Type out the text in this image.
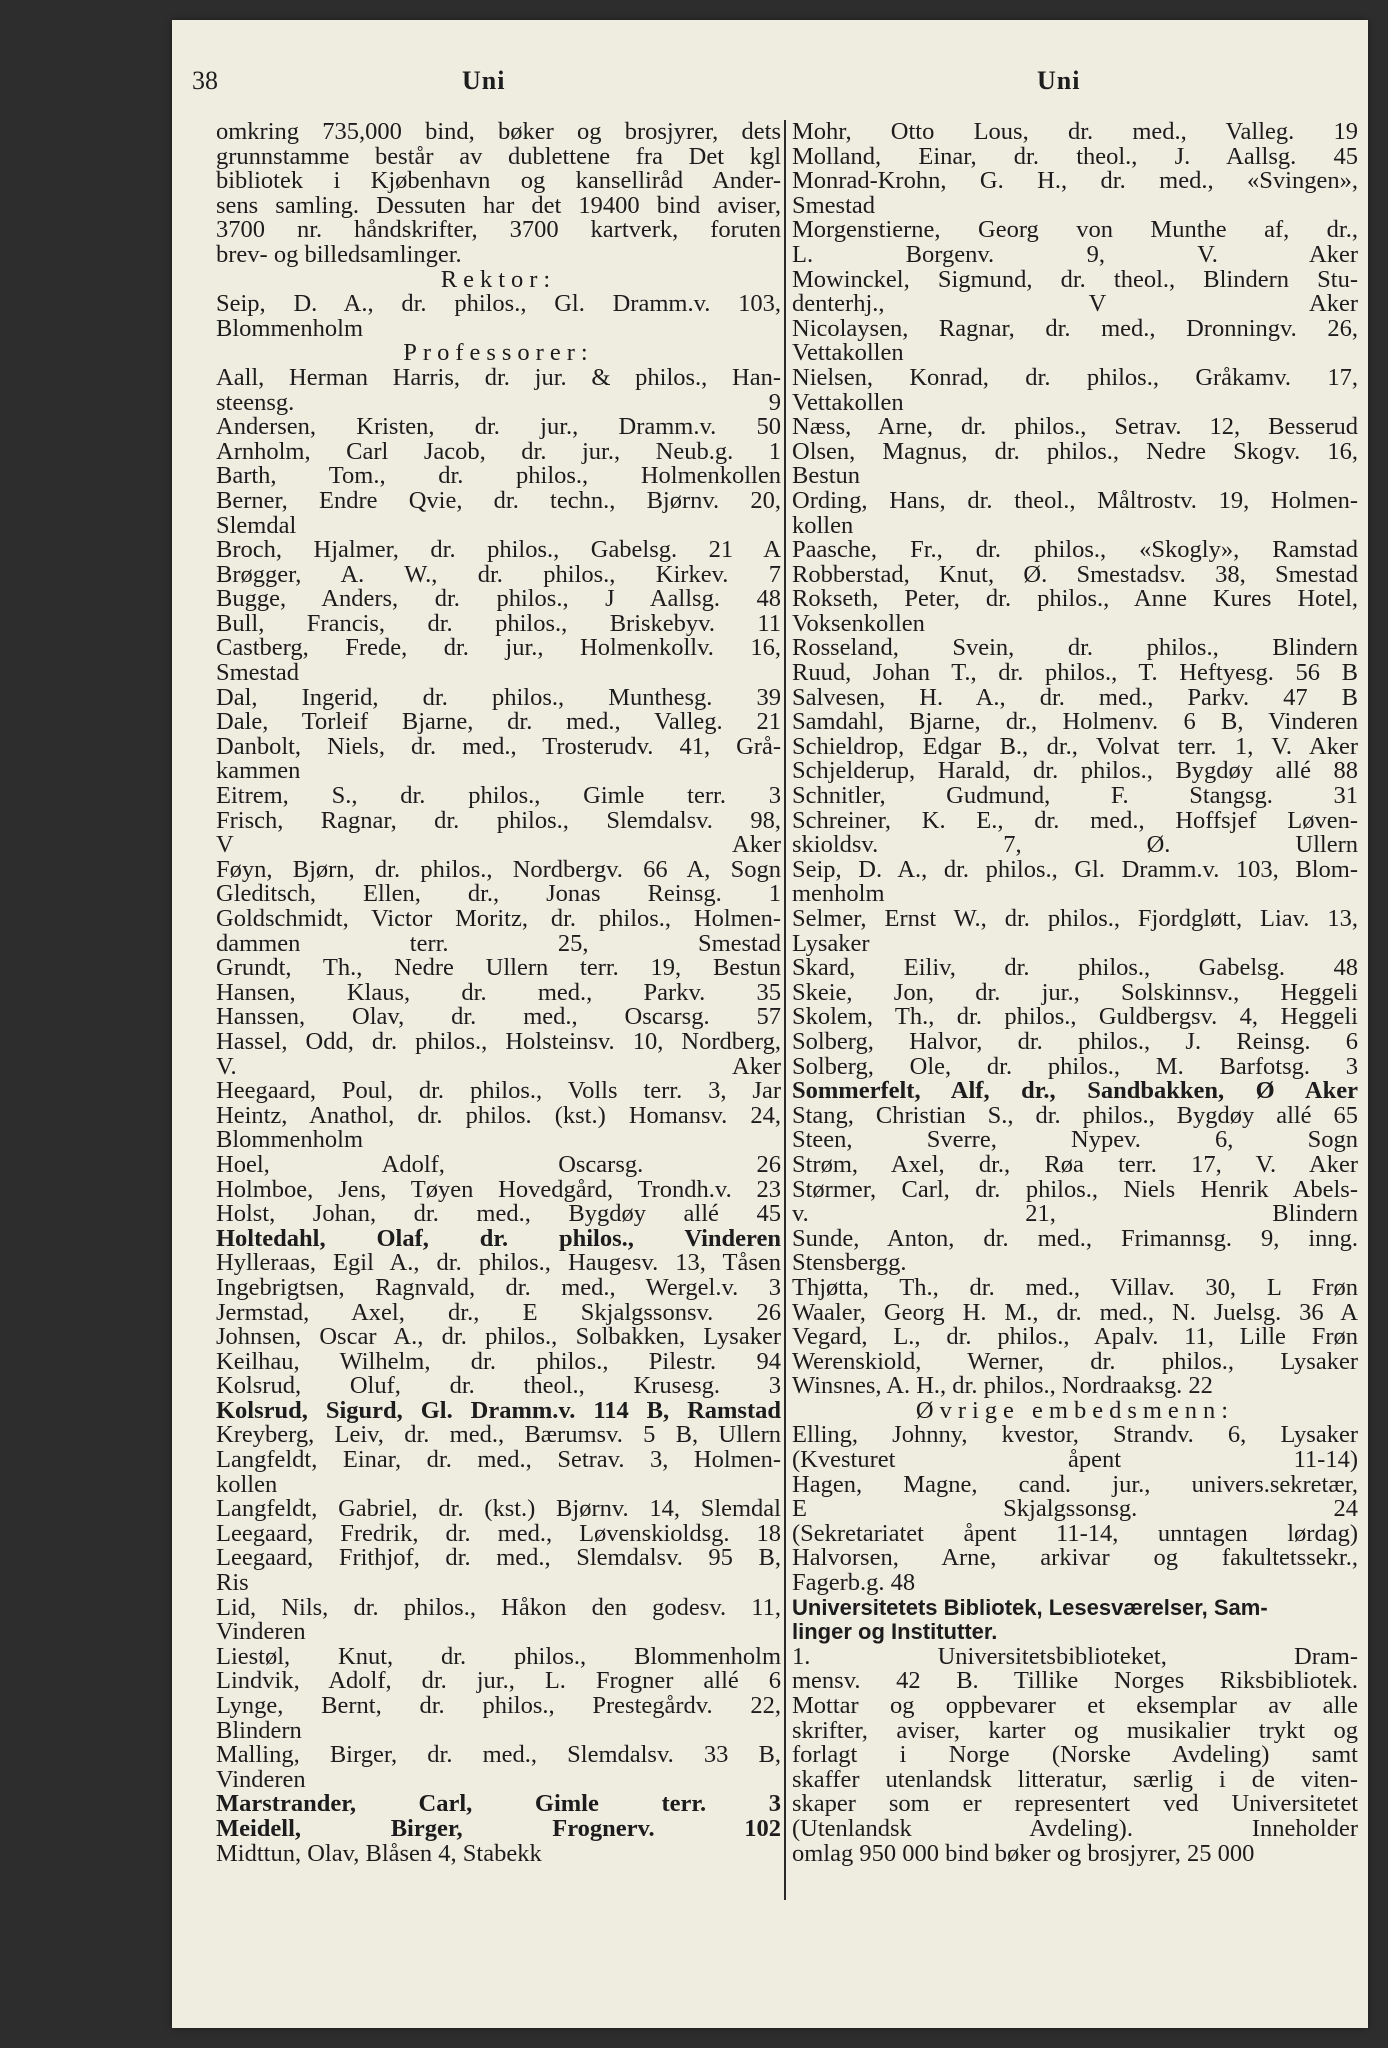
38	Uni	Uni

omkring 735,000 bind, bøker og brosjyrer, dets

grunnstamme består av dublettene fra Det kgl

bibliotek i Kjøbenhavn og kanselliråd Ander-

sens samling. Dessuten har det 19400 bind aviser,

3700 nr. håndskrifter, 3700 kartverk, foruten

brev- og billedsamlinger.

Rektor:

Seip, D. A., dr. philos., Gl. Dramm.v. 103,

Blommenholm

Professorer:

Aall, Herman Harris, dr. jur. & philos., Han-

steensg. 9

Andersen, Kristen, dr. jur., Dramm.v. 50

Arnholm, Carl Jacob, dr. jur., Neub.g. 1

Barth, Tom., dr. philos., Holmenkollen

Berner, Endre Qvie, dr. techn., Bjørnv. 20,

Slemdal

Broch, Hjalmer, dr. philos., Gabelsg. 21 A

Brøgger, A. W., dr. philos., Kirkev. 7

Bugge, Anders, dr. philos., J Aallsg. 48

Bull, Francis, dr. philos., Briskebyv. 11

Castberg, Frede, dr. jur., Holmenkollv. 16,

Smestad

Dal, Ingerid, dr. philos., Munthesg. 39

Dale, Torleif Bjarne, dr. med., Valleg. 21

Danbolt, Niels, dr. med., Trosterudv. 41, Grå-

kammen

Eitrem, S., dr. philos., Gimle terr. 3

Frisch, Ragnar, dr. philos., Slemdalsv. 98,

V Aker

Føyn, Bjørn, dr. philos., Nordbergv. 66 A, Sogn

Gleditsch, Ellen, dr., Jonas Reinsg. 1

Goldschmidt, Victor Moritz, dr. philos., Holmen-

dammen terr. 25, Smestad

Grundt, Th., Nedre Ullern terr. 19, Bestun

Hansen, Klaus, dr. med., Parkv. 35

Hanssen, Olav, dr. med., Oscarsg. 57

Hassel, Odd, dr. philos., Holsteinsv. 10, Nordberg,

V. Aker

Heegaard, Poul, dr. philos., Volls terr. 3, Jar

Heintz, Anathol, dr. philos. (kst.) Homansv. 24,

Blommenholm

Hoel, Adolf, Oscarsg. 26

Holmboe, Jens, Tøyen Hovedgård, Trondh.v. 23

Holst, Johan, dr. med., Bygdøy allé 45

Holtedahl, Olaf, dr. philos., Vinderen

Hylleraas, Egil A., dr. philos., Haugesv. 13, Tåsen

Ingebrigtsen, Ragnvald, dr. med., Wergel.v. 3

Jermstad, Axel, dr., E Skjalgssonsv. 26

Johnsen, Oscar A., dr. philos., Solbakken, Lysaker

Keilhau, Wilhelm, dr. philos., Pilestr. 94

Kolsrud, Oluf, dr. theol., Krusesg. 3

Kolsrud, Sigurd, Gl. Dramm.v. 114 B, Ramstad

Kreyberg, Leiv, dr. med., Bærumsv. 5 B, Ullern

Langfeldt, Einar, dr. med., Setrav. 3, Holmen-

kollen

Langfeldt, Gabriel, dr. (kst.) Bjørnv. 14, Slemdal

Leegaard, Fredrik, dr. med., Løvenskioldsg. 18

Leegaard, Frithjof, dr. med., Slemdalsv. 95 B,

Ris

Lid, Nils, dr. philos., Håkon den godesv. 11,

Vinderen

Liestøl, Knut, dr. philos., Blommenholm

Lindvik, Adolf, dr. jur., L. Frogner allé 6

Lynge, Bernt, dr. philos., Prestegårdv. 22,

Blindern

Malling, Birger, dr. med., Slemdalsv. 33 B,

Vinderen

Marstrander, Carl, Gimle terr. 3

Meidell, Birger, Frognerv. 102

Midttun, Olav, Blåsen 4, Stabekk

Mohr, Otto Lous, dr. med., Valleg. 19

Molland, Einar, dr. theol., J. Aallsg. 45

Monrad-Krohn, G. H., dr. med., «Svingen»,

Smestad

Morgenstierne, Georg von Munthe af, dr.,

L. Borgenv. 9, V. Aker

Mowinckel, Sigmund, dr. theol., Blindern Stu-

denterhj., V Aker

Nicolaysen, Ragnar, dr. med., Dronningv. 26,

Vettakollen

Nielsen, Konrad, dr. philos., Gråkamv. 17,

Vettakollen

Næss, Arne, dr. philos., Setrav. 12, Besserud

Olsen, Magnus, dr. philos., Nedre Skogv. 16,

Bestun

Ording, Hans, dr. theol., Måltrostv. 19, Holmen-

kollen

Paasche, Fr., dr. philos., «Skogly», Ramstad

Robberstad, Knut, Ø. Smestadsv. 38, Smestad

Rokseth, Peter, dr. philos., Anne Kures Hotel,

Voksenkollen

Rosseland, Svein, dr. philos., Blindern

Ruud, Johan T., dr. philos., T. Heftyesg. 56 B

Salvesen, H. A., dr. med., Parkv. 47 B

Samdahl, Bjarne, dr., Holmenv. 6 B, Vinderen

Schieldrop, Edgar B., dr., Volvat terr. 1, V. Aker

Schjelderup, Harald, dr. philos., Bygdøy allé 88

Schnitler, Gudmund, F. Stangsg. 31

Schreiner, K. E., dr. med., Hoffsjef Løven-

skioldsv. 7, Ø. Ullern

Seip, D. A., dr. philos., Gl. Dramm.v. 103, Blom-

menholm

Selmer, Ernst W., dr. philos., Fjordgløtt, Liav. 13,

Lysaker

Skard, Eiliv, dr. philos., Gabelsg. 48

Skeie, Jon, dr. jur., Solskinnsv., Heggeli

Skolem, Th., dr. philos., Guldbergsv. 4, Heggeli

Solberg, Halvor, dr. philos., J. Reinsg. 6

Solberg, Ole, dr. philos., M. Barfotsg. 3

Sommerfelt, Alf, dr., Sandbakken, Ø Aker

Stang, Christian S., dr. philos., Bygdøy allé 65

Steen, Sverre, Nypev. 6, Sogn

Strøm, Axel, dr., Røa terr. 17, V. Aker

Størmer, Carl, dr. philos., Niels Henrik Abels-

v. 21, Blindern

Sunde, Anton, dr. med., Frimannsg. 9, inng.

Stensbergg.

Thjøtta, Th., dr. med., Villav. 30, L Frøn

Waaler, Georg H. M., dr. med., N. Juelsg. 36 A

Vegard, L., dr. philos., Apalv. 11, Lille Frøn

Werenskiold, Werner, dr. philos., Lysaker

Winsnes, A. H., dr. philos., Nordraaksg. 22

Øvrige embedsmenn:

Elling, Johnny, kvestor, Strandv. 6, Lysaker

(Kvesturet åpent 11-14)

Hagen, Magne, cand. jur., univers.sekretær,

E Skjalgssonsg. 24

(Sekretariatet åpent 11-14, unntagen lørdag)

Halvorsen, Arne, arkivar og fakultetssekr.,

Fagerb.g. 48

Universitetets Bibliotek, Lesesværelser, Sam-

linger og Institutter.

1. Universitetsbiblioteket, Dram-

mensv. 42 B. Tillike Norges Riksbibliotek.

Mottar og oppbevarer et eksemplar av alle

skrifter, aviser, karter og musikalier trykt og

forlagt i Norge (Norske Avdeling) samt

skaffer utenlandsk litteratur, særlig i de viten-

skaper som er representert ved Universitetet

(Utenlandsk Avdeling). Inneholder

omlag 950 000 bind bøker og brosjyrer, 25 000
